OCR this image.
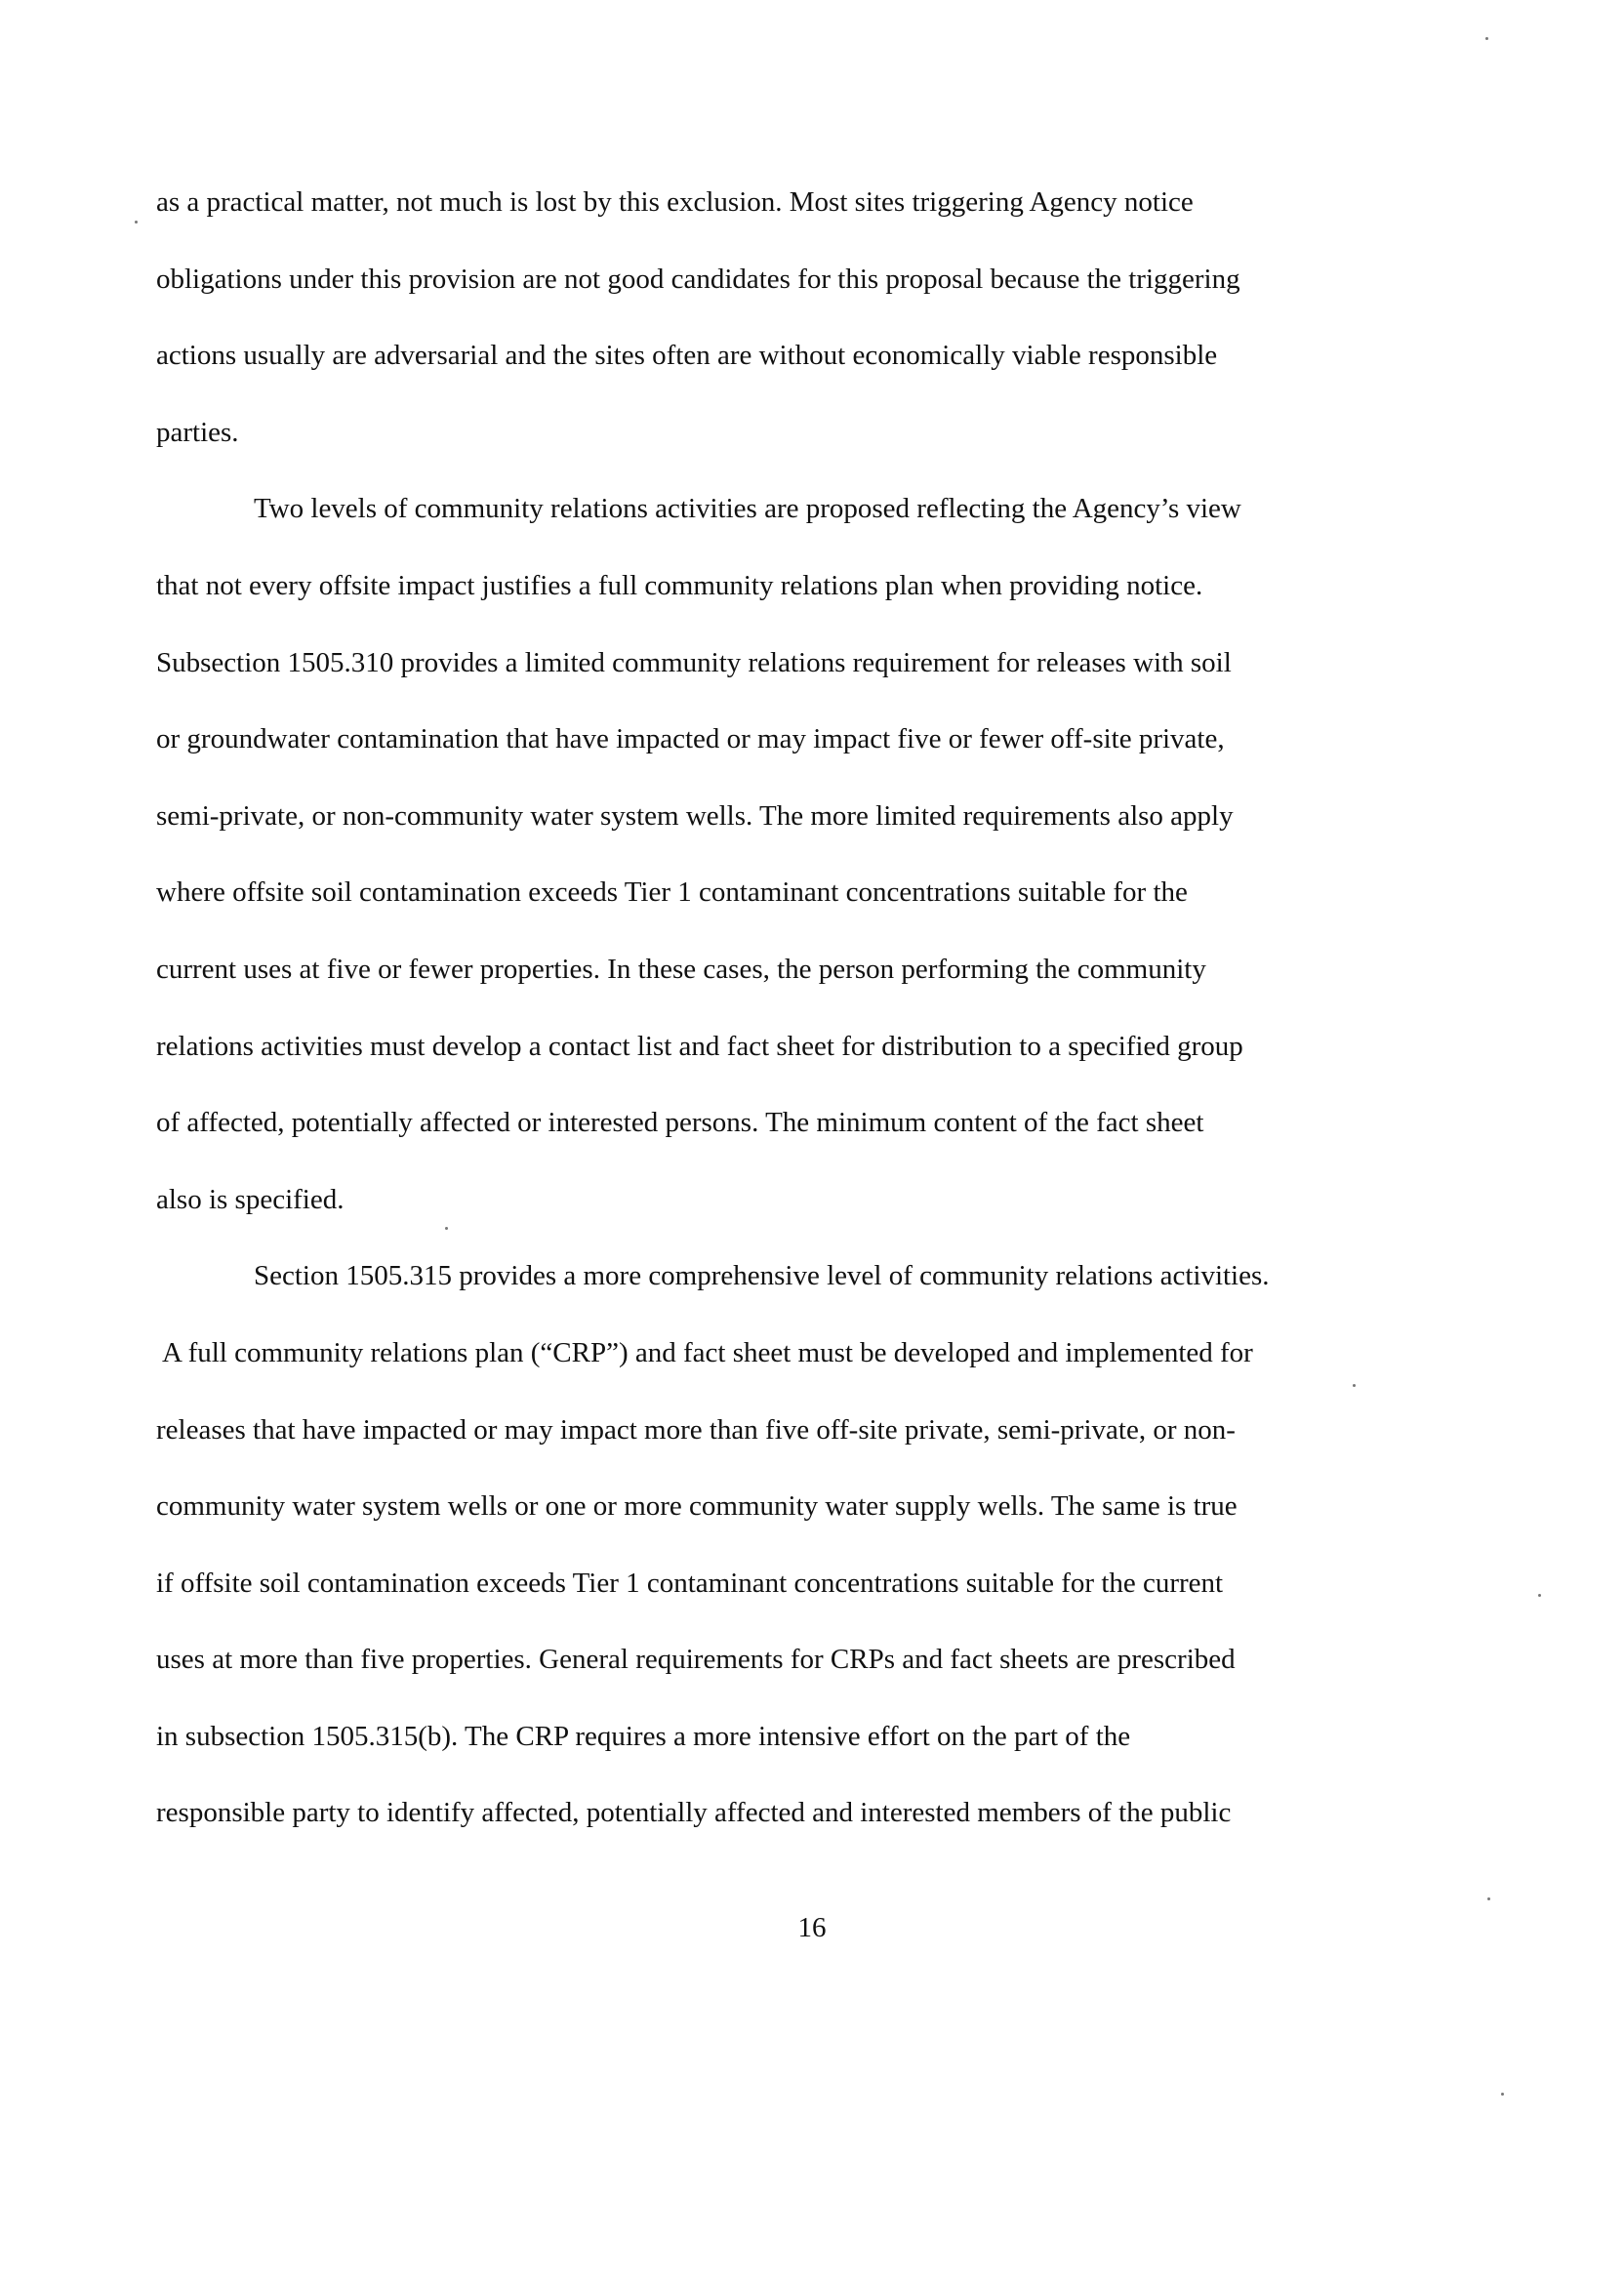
as a practical matter, not much is lost by this exclusion. Most sites triggering Agency notice
obligations under this provision are not good candidates for this proposal because the triggering
actions usually are adversarial and the sites often are without economically viable responsible
parties.
Two levels of community relations activities are proposed reflecting the Agency’s view
that not every offsite impact justifies a full community relations plan when providing notice.
Subsection 1505.310 provides a limited community relations requirement for releases with soil
or groundwater contamination that have impacted or may impact five or fewer off-site private,
semi-private, or non-community water system wells. The more limited requirements also apply
where offsite soil contamination exceeds Tier 1 contaminant concentrations suitable for the
current uses at five or fewer properties. In these cases, the person performing the community
relations activities must develop a contact list and fact sheet for distribution to a specified group
of affected, potentially affected or interested persons. The minimum content of the fact sheet
also is specified.
Section 1505.315 provides a more comprehensive level of community relations activities.
A full community relations plan (“CRP”) and fact sheet must be developed and implemented for
releases that have impacted or may impact more than five off-site private, semi-private, or non-
community water system wells or one or more community water supply wells. The same is true
if offsite soil contamination exceeds Tier 1 contaminant concentrations suitable for the current
uses at more than five properties. General requirements for CRPs and fact sheets are prescribed
in subsection 1505.315(b). The CRP requires a more intensive effort on the part of the
responsible party to identify affected, potentially affected and interested members of the public
16
